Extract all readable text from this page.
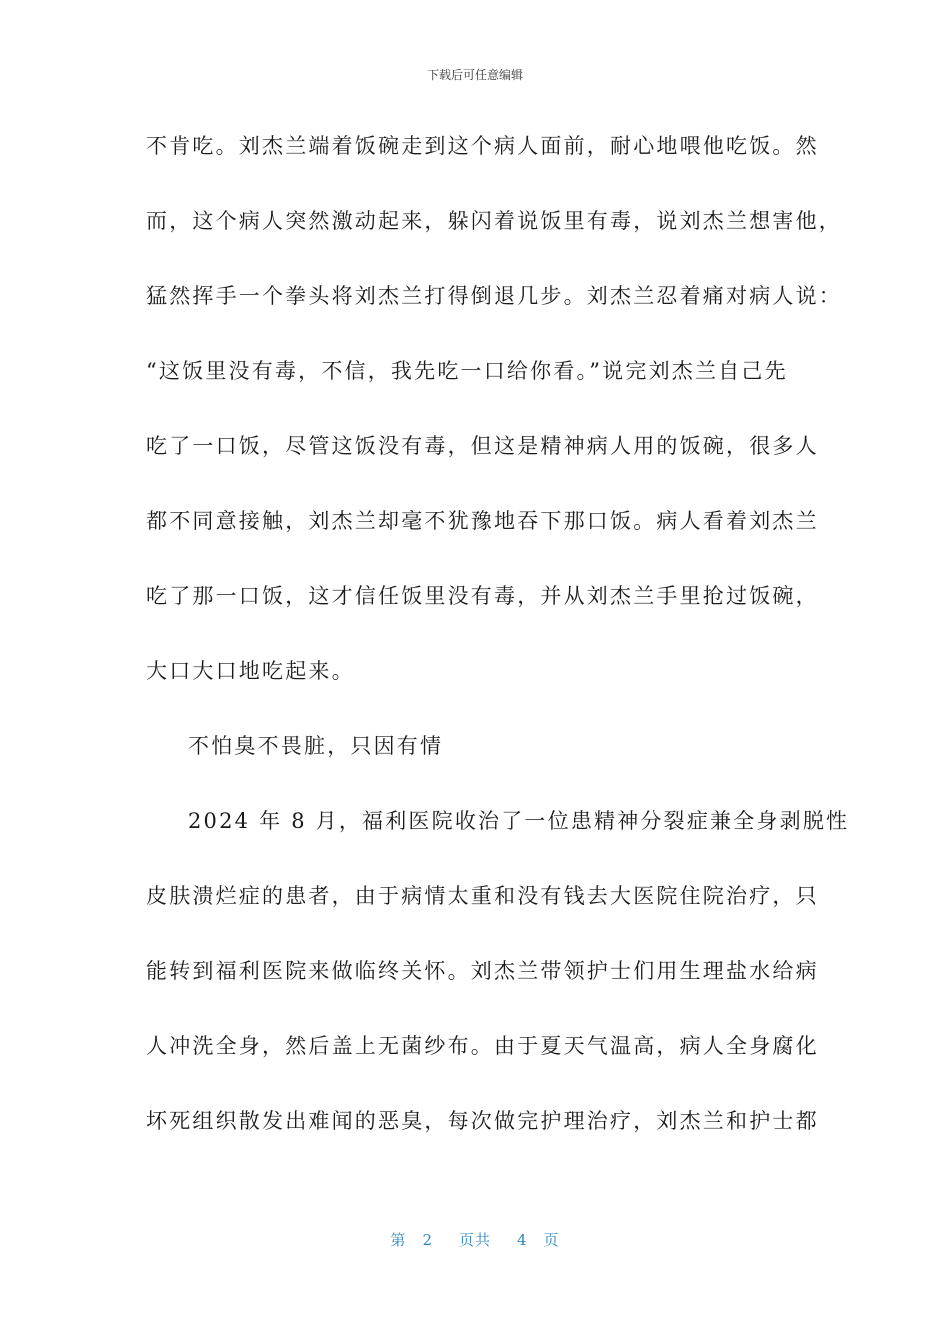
下载后可任意编辑
不肯吃。刘杰兰端着饭碗走到这个病人面前，耐心地喂他吃饭。然
而，这个病人突然激动起来，躲闪着说饭里有毒，说刘杰兰想害他，
猛然挥手一个拳头将刘杰兰打得倒退几步。刘杰兰忍着痛对病人说：
“这饭里没有毒，不信，我先吃一口给你看。”说完刘杰兰自己先
吃了一口饭，尽管这饭没有毒，但这是精神病人用的饭碗，很多人
都不同意接触，刘杰兰却毫不犹豫地吞下那口饭。病人看着刘杰兰
吃了那一口饭，这才信任饭里没有毒，并从刘杰兰手里抢过饭碗，
大口大口地吃起来。
不怕臭不畏脏，只因有情
2024 年 8 月，福利医院收治了一位患精神分裂症兼全身剥脱性
皮肤溃烂症的患者，由于病情太重和没有钱去大医院住院治疗，只
能转到福利医院来做临终关怀。刘杰兰带领护士们用生理盐水给病
人冲洗全身，然后盖上无菌纱布。由于夏天气温高，病人全身腐化
坏死组织散发出难闻的恶臭，每次做完护理治疗，刘杰兰和护士都
第 2 页共 4 页
